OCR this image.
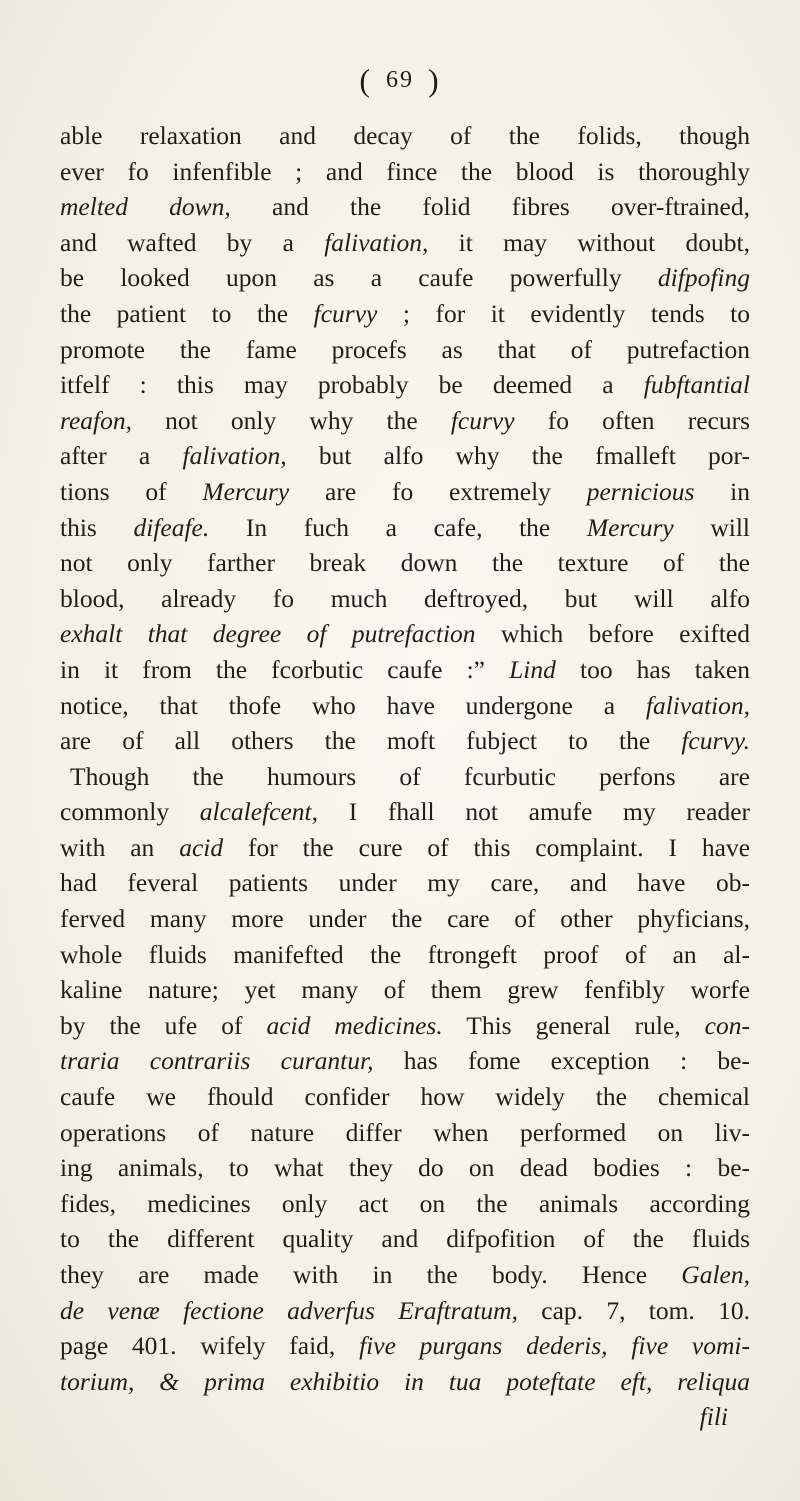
( 69 )
able relaxation and decay of the folids, though
ever fo infenfible ; and fince the blood is thoroughly
melted down, and the folid fibres over-ftrained,
and wafted by a falivation, it may without doubt,
be looked upon as a caufe powerfully difpofing
the patient to the fcurvy ; for it evidently tends to
promote the fame procefs as that of putrefaction
itfelf : this may probably be deemed a fubftantial
reafon, not only why the fcurvy fo often recurs
after a falivation, but alfo why the fmalleft por-
tions of Mercury are fo extremely pernicious in
this difeafe. In fuch a cafe, the Mercury will
not only farther break down the texture of the
blood, already fo much deftroyed, but will alfo
exhalt that degree of putrefaction which before exifted
in it from the fcorbutic caufe :” Lind too has taken
notice, that thofe who have undergone a falivation,
are of all others the moft fubject to the fcurvy.
Though the humours of fcurbutic perfons are
commonly alcalefcent, I fhall not amufe my reader
with an acid for the cure of this complaint. I have
had feveral patients under my care, and have ob-
ferved many more under the care of other phyficians,
whole fluids manifefted the ftrongeft proof of an al-
kaline nature; yet many of them grew fenfibly worfe
by the ufe of acid medicines. This general rule, con-
traria contrariis curantur, has fome exception : be-
caufe we fhould confider how widely the chemical
operations of nature differ when performed on liv-
ing animals, to what they do on dead bodies : be-
fides, medicines only act on the animals according
to the different quality and difpofition of the fluids
they are made with in the body. Hence Galen,
de venæ fectione adverfus Eraftratum, cap. 7, tom. 10.
page 401. wifely faid, five purgans dederis, five vomi-
torium, & prima exhibitio in tua poteftate eft, reliqua
fili
